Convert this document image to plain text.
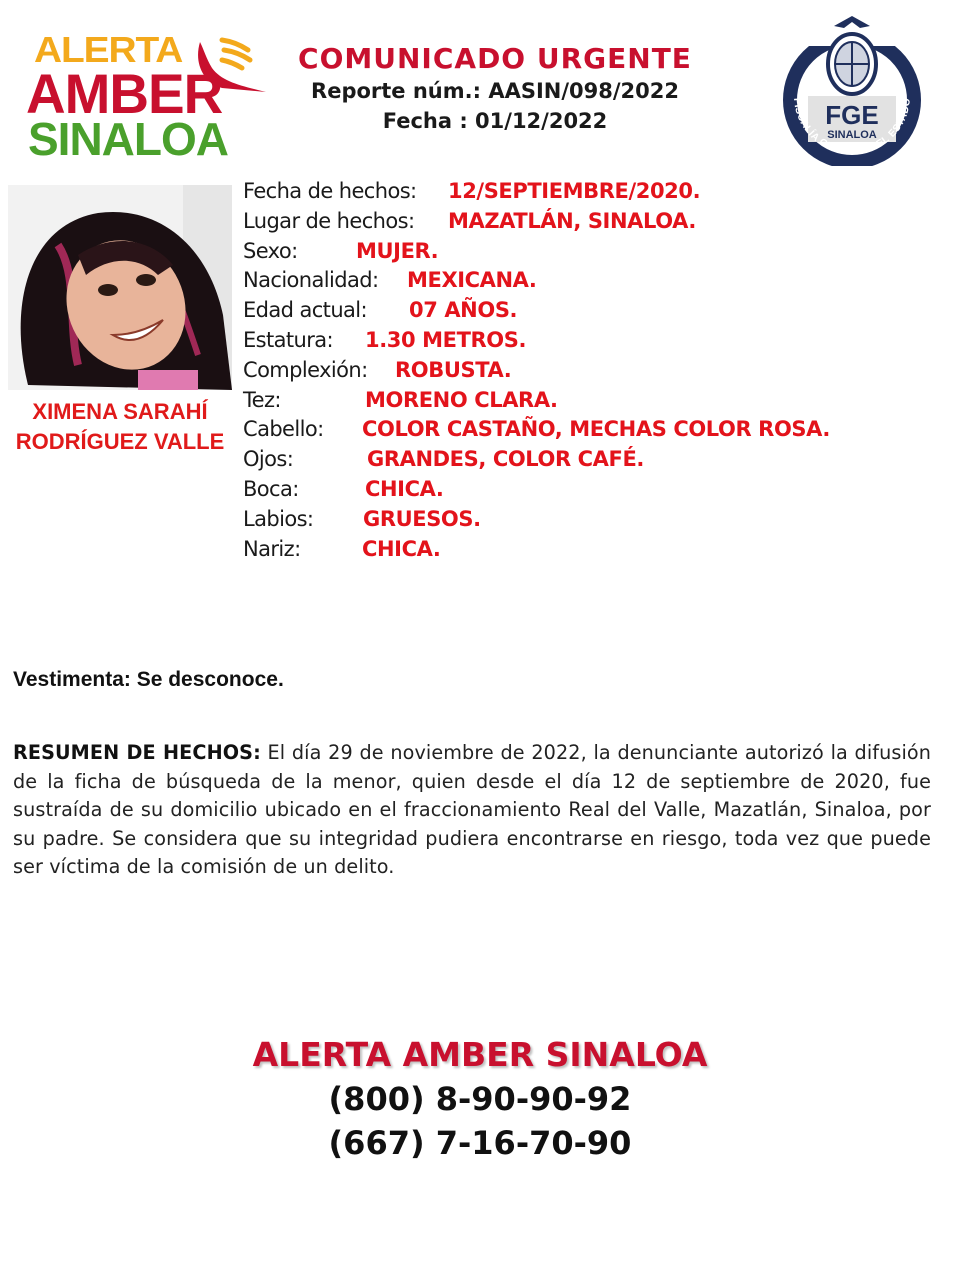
ALERTA
AMBER
SINALOA
COMUNICADO URGENTE
Reporte núm.: AASIN/098/2022
Fecha : 01/12/2022	FGE
SINALOA
FISCALÍA GENERAL DEL ESTADO
XIMENA SARAHÍ
RODRÍGUEZ VALLE
Fecha de hechos: 12/SEPTIEMBRE/2020.
Lugar de hechos: MAZATLÁN, SINALOA.
Sexo:	MUJER.
Nacionalidad: MEXICANA.
Edad actual: 07 AÑOS.
Estatura: 1.30 METROS.
Complexión: ROBUSTA.
Tez:	MORENO CLARA.
Cabello: COLOR CASTAÑO, MECHAS COLOR ROSA.
Ojos:	GRANDES, COLOR CAFÉ.
Boca:	CHICA.
Labios: GRUESOS.
Nariz:	CHICA.
Vestimenta: Se desconoce.
RESUMEN DE HECHOS: El día 29 de noviembre de 2022, la denunciante autorizó la difusión de la ficha de búsqueda de la menor, quien desde el día 12 de septiembre de 2020, fue sustraída de su domicilio ubicado en el fraccionamiento Real del Valle, Mazatlán, Sinaloa, por su padre. Se considera que su integridad pudiera encontrarse en riesgo, toda vez que puede ser víctima de la comisión de un delito.
ALERTA AMBER SINALOA
(800) 8-90-90-92
(667) 7-16-70-90
